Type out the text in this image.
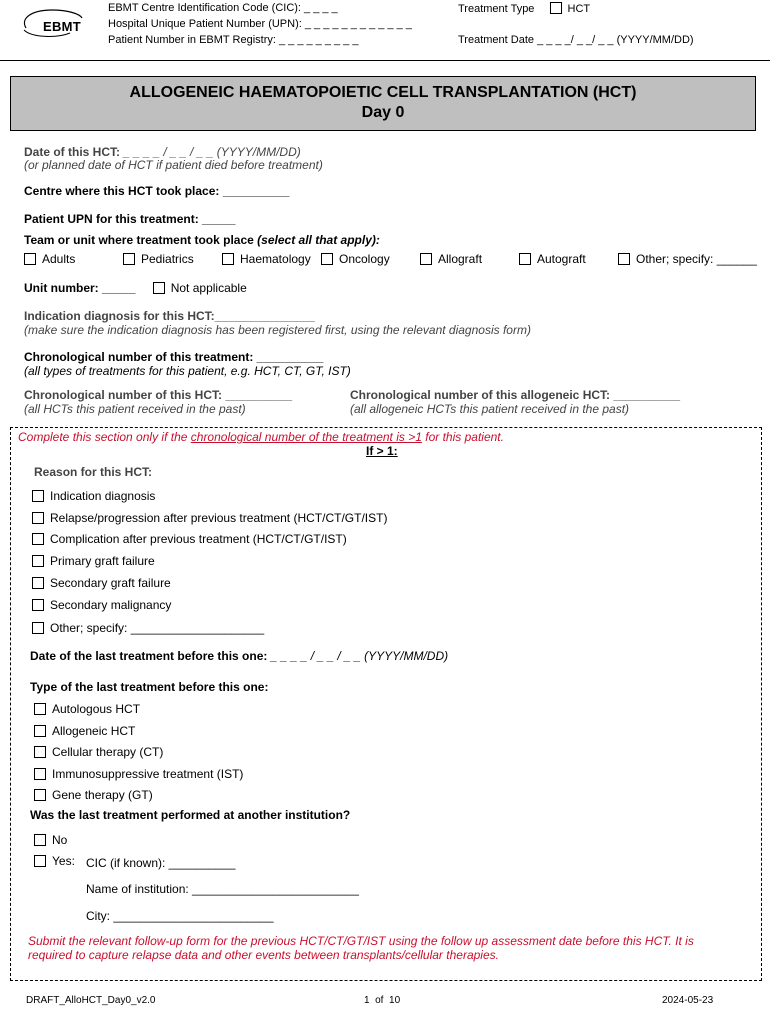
EBMT
EBMT Centre Identification Code (CIC): _ _ _ _
Hospital Unique Patient Number (UPN): _ _ _ _ _ _ _ _ _ _ _ _
Patient Number in EBMT Registry: _ _ _ _ _ _ _ _ _
Treatment Type	HCT
Treatment Date _ _ _ _/ _ _/ _ _ (YYYY/MM/DD)
ALLOGENEIC HAEMATOPOIETIC CELL TRANSPLANTATION (HCT)
Day 0
Date of this HCT: _ _ _ _ / _ _ / _ _ (YYYY/MM/DD)
(or planned date of HCT if patient died before treatment)
Centre where this HCT took place: __________
Patient UPN for this treatment: _____
Team or unit where treatment took place (select all that apply):
Adults	Pediatrics	Haematology	Oncology	Allograft	Autograft	Other; specify: ______
Unit number: _____	Not applicable
Indication diagnosis for this HCT:_______________
(make sure the indication diagnosis has been registered first, using the relevant diagnosis form)
Chronological number of this treatment: __________
(all types of treatments for this patient, e.g. HCT, CT, GT, IST)
Chronological number of this HCT: __________
(all HCTs this patient received in the past)
Chronological number of this allogeneic HCT: __________
(all allogeneic HCTs this patient received in the past)
Complete this section only if the chronological number of the treatment is >1 for this patient.
If > 1:
Reason for this HCT:
Indication diagnosis
Relapse/progression after previous treatment (HCT/CT/GT/IST)
Complication after previous treatment (HCT/CT/GT/IST)
Primary graft failure
Secondary graft failure
Secondary malignancy
Other; specify: ____________________
Date of the last treatment before this one: _ _ _ _ / _ _ / _ _ (YYYY/MM/DD)
Type of the last treatment before this one:
Autologous HCT
Allogeneic HCT
Cellular therapy (CT)
Immunosuppressive treatment (IST)
Gene therapy (GT)
Was the last treatment performed at another institution?
No
Yes: CIC (if known): __________
Name of institution: _________________________
City: ________________________
Submit the relevant follow-up form for the previous HCT/CT/GT/IST using the follow up assessment date before this HCT. It is
required to capture relapse data and other events between transplants/cellular therapies.
DRAFT_AlloHCT_Day0_v2.0	1 of 10	2024-05-23
